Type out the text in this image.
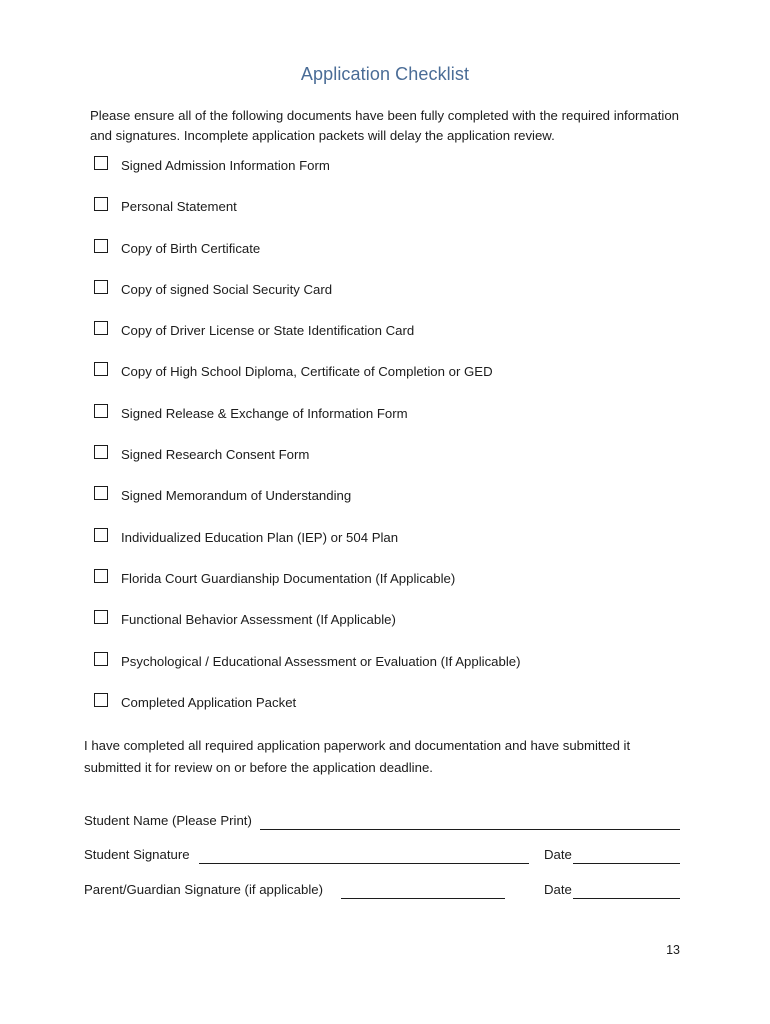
Application Checklist
Please ensure all of the following documents have been fully completed with the required information and signatures. Incomplete application packets will delay the application review.
Signed Admission Information Form
Personal Statement
Copy of Birth Certificate
Copy of signed Social Security Card
Copy of Driver License or State Identification Card
Copy of High School Diploma, Certificate of Completion or GED
Signed Release & Exchange of Information Form
Signed Research Consent Form
Signed Memorandum of Understanding
Individualized Education Plan (IEP) or 504 Plan
Florida Court Guardianship Documentation (If Applicable)
Functional Behavior Assessment (If Applicable)
Psychological / Educational Assessment or Evaluation (If Applicable)
Completed Application Packet
I have completed all required application paperwork and documentation and have submitted it submitted it for review on or before the application deadline.
Student Name (Please Print)
Student Signature	Date
Parent/Guardian Signature (if applicable)	Date
13
